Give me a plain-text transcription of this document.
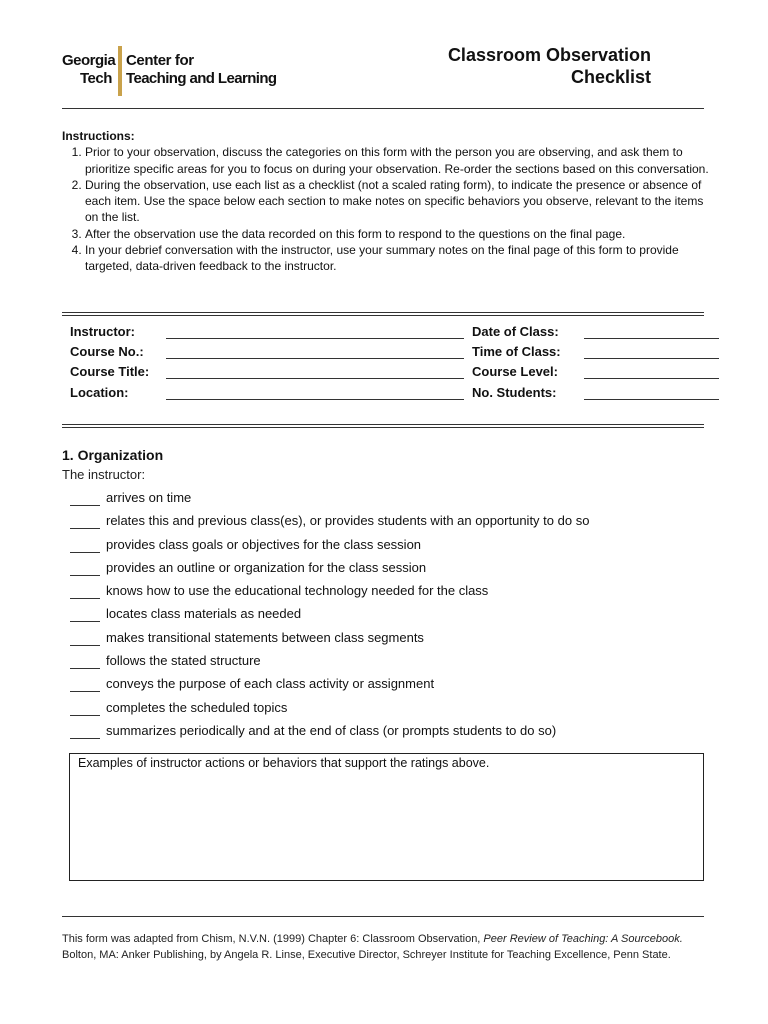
Georgia
Tech
Center for
Teaching and Learning
Classroom Observation
Checklist
Instructions:
1. Prior to your observation, discuss the categories on this form with the person you are observing, and ask them to prioritize specific areas for you to focus on during your observation. Re-order the sections based on this conversation.
2. During the observation, use each list as a checklist (not a scaled rating form), to indicate the presence or absence of each item. Use the space below each section to make notes on specific behaviors you observe, relevant to the items on the list.
3. After the observation use the data recorded on this form to respond to the questions on the final page.
4. In your debrief conversation with the instructor, use your summary notes on the final page of this form to provide targeted, data-driven feedback to the instructor.
Instructor:	Date of Class:
Course No.:	Time of Class:
Course Title:	Course Level:
Location:	No. Students:
1. Organization
The instructor:
arrives on time
relates this and previous class(es), or provides students with an opportunity to do so
provides class goals or objectives for the class session
provides an outline or organization for the class session
knows how to use the educational technology needed for the class
locates class materials as needed
makes transitional statements between class segments
follows the stated structure
conveys the purpose of each class activity or assignment
completes the scheduled topics
summarizes periodically and at the end of class (or prompts students to do so)
Examples of instructor actions or behaviors that support the ratings above.
This form was adapted from Chism, N.V.N. (1999) Chapter 6: Classroom Observation, Peer Review of Teaching: A Sourcebook. Bolton, MA: Anker Publishing, by Angela R. Linse, Executive Director, Schreyer Institute for Teaching Excellence, Penn State.
